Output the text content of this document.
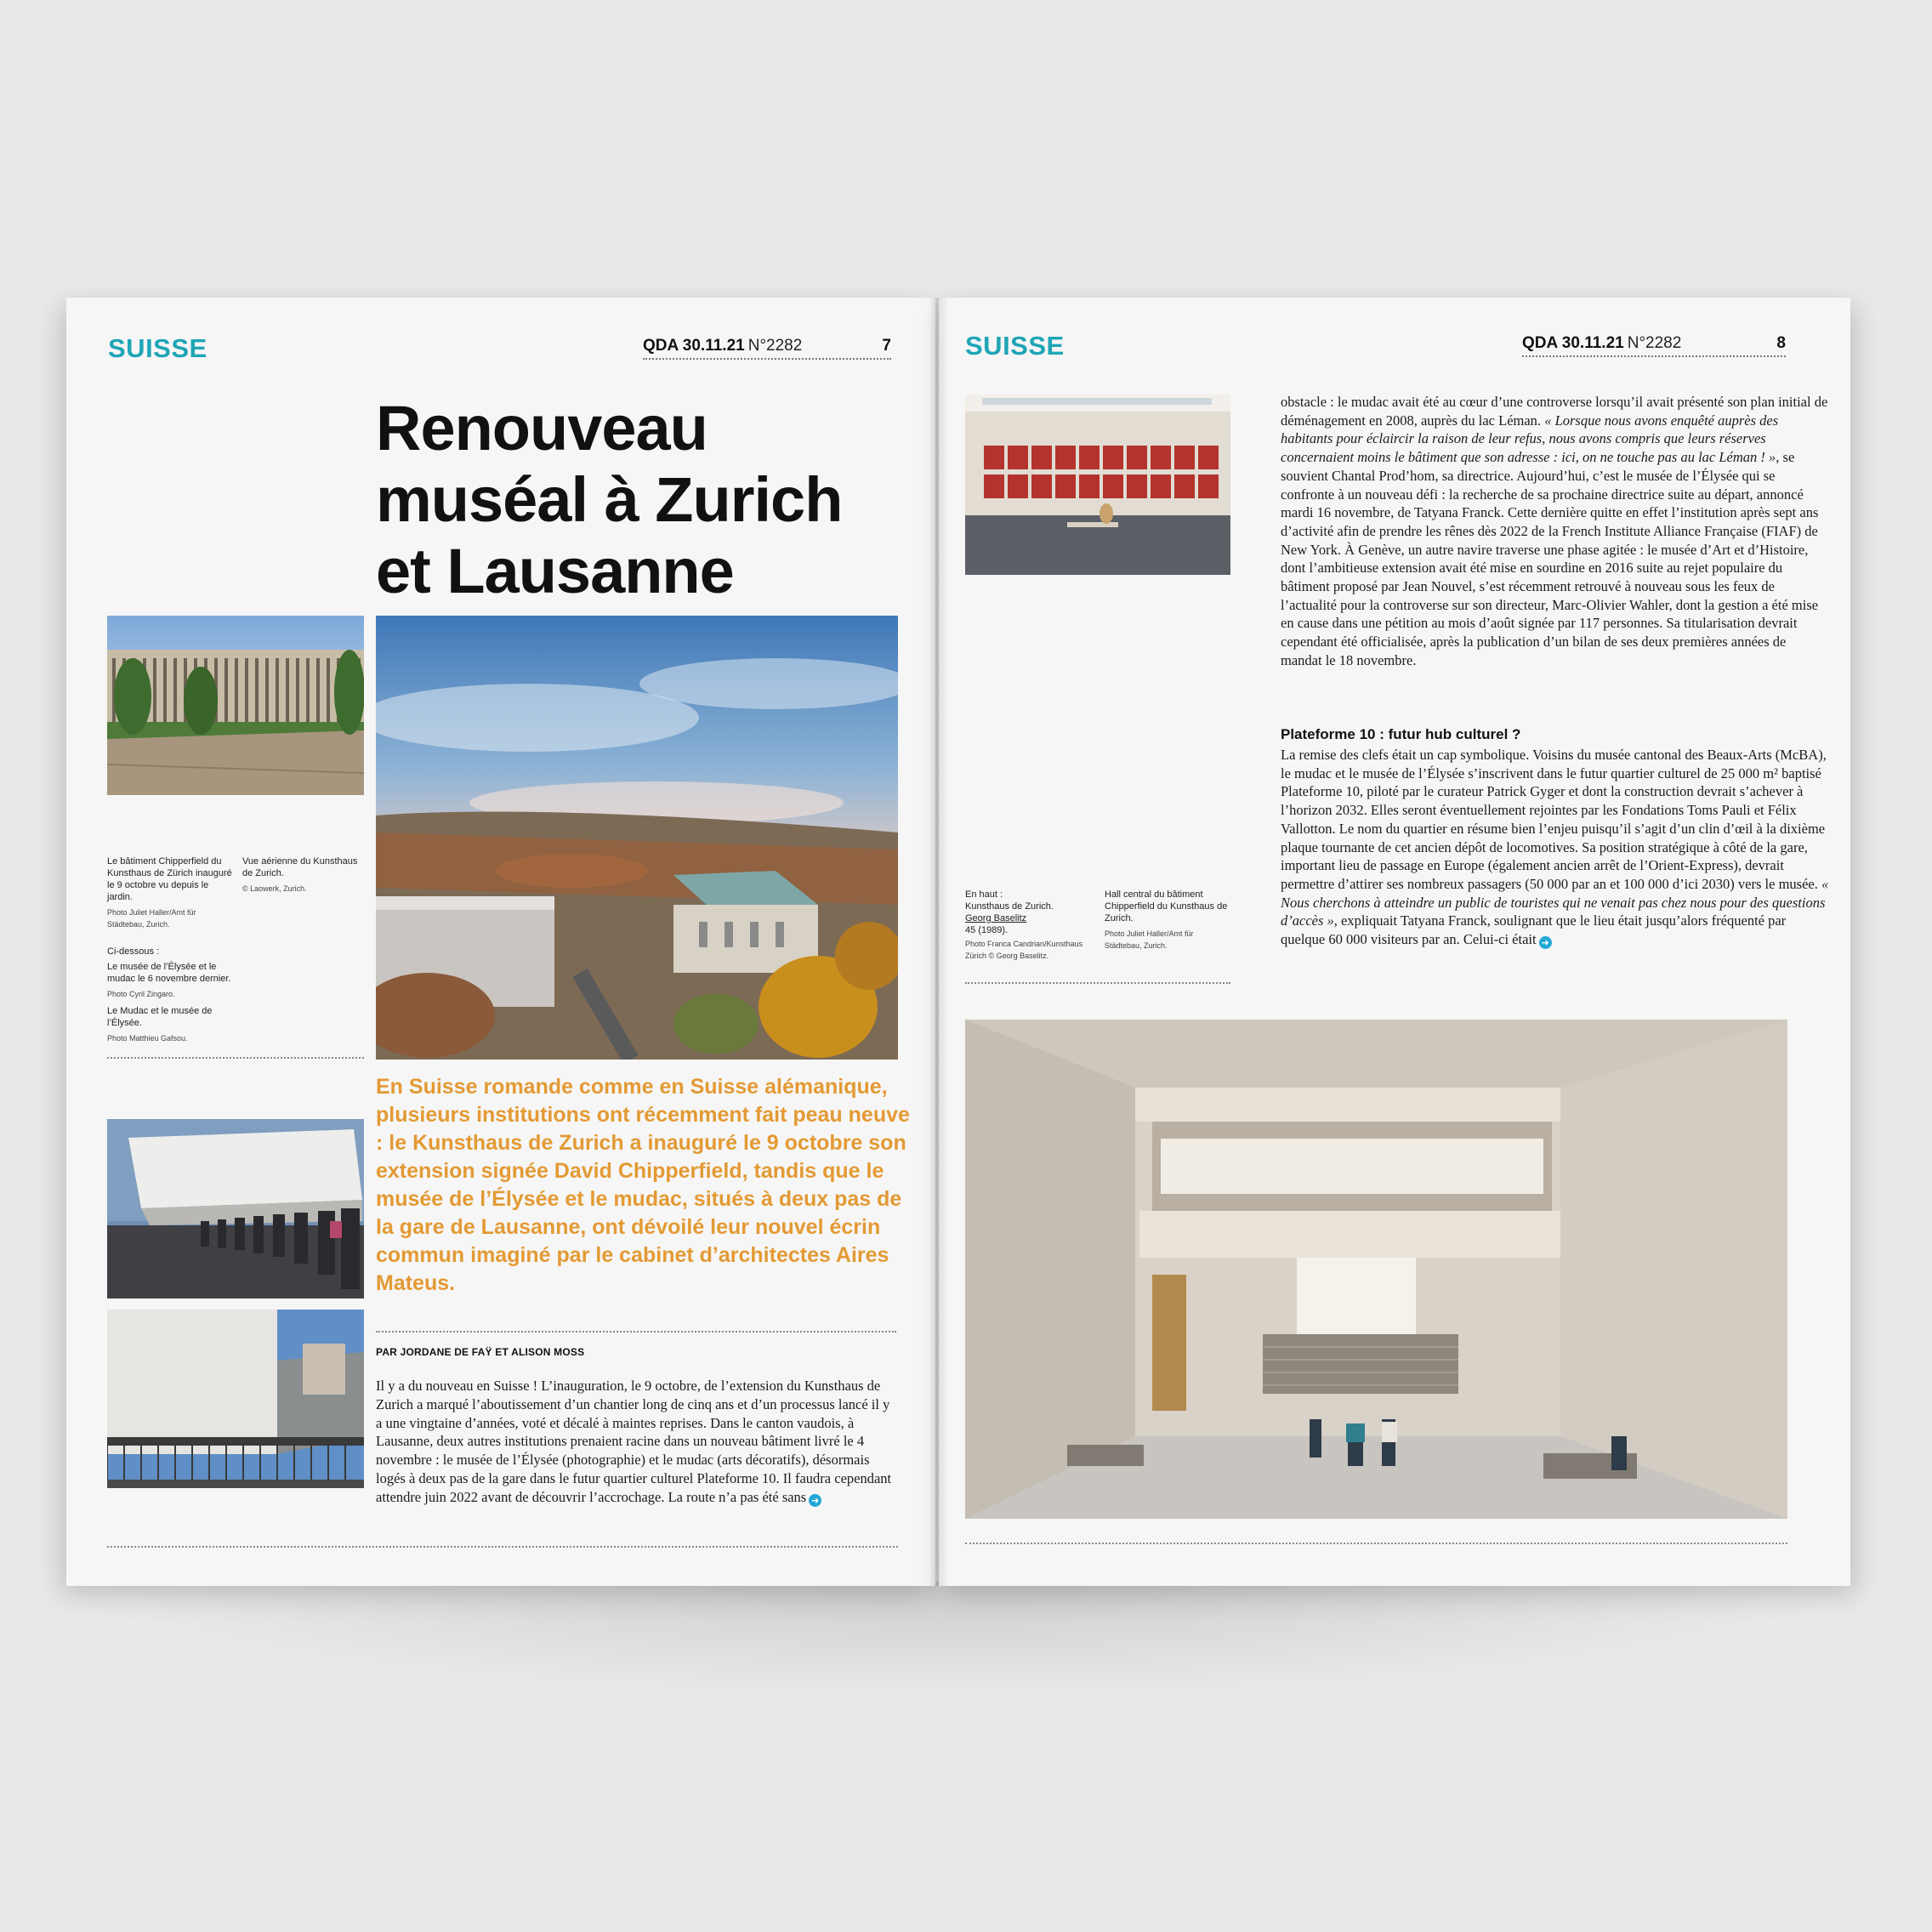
SUISSE	QDA 30.11.21 N°2282	7
Renouveau
muséal à Zurich
et Lausanne

Le bâtiment Chipperfield du Kunsthaus de Zürich inauguré le 9 octobre vu depuis le jardin.

Photo Juliet Haller/Amt für Städtebau, Zurich.

Vue aérienne du Kunsthaus de Zurich.

© Laowerk, Zurich.

Ci-dessous :

Le musée de l’Élysée et le mudac le 6 novembre dernier.

Photo Cyril Zingaro.

Le Mudac et le musée de l’Élysée.

Photo Matthieu Gafsou.

En Suisse romande comme en Suisse alémanique, plusieurs institutions ont récemment fait peau neuve : le Kunsthaus de Zurich a inauguré le 9 octobre son extension signée David Chipperfield, tandis que le musée de l’Élysée et le mudac, situés à deux pas de la gare de Lausanne, ont dévoilé leur nouvel écrin commun imaginé par le cabinet d’architectes Aires Mateus.

PAR JORDANE DE FAŸ ET ALISON MOSS

Il y a du nouveau en Suisse ! L’inauguration, le 9 octobre, de l’extension du Kunsthaus de Zurich a marqué l’aboutissement d’un chantier long de cinq ans et d’un processus lancé il y a une vingtaine d’années, voté et décalé à maintes reprises. Dans le canton vaudois, à Lausanne, deux autres institutions prenaient racine dans un nouveau bâtiment livré le 4 novembre : le musée de l’Élysée (photographie) et le mudac (arts décoratifs), désormais logés à deux pas de la gare dans le futur quartier culturel Plateforme 10. Il faudra cependant attendre juin 2022 avant de découvrir l’accrochage. La route n’a pas été sans ➜

SUISSE	QDA 30.11.21 N°2282	8

En haut :

Kunsthaus de Zurich.

Georg Baselitz

45 (1989).

Photo Franca Candrian/Kunsthaus Zürich © Georg Baselitz.

Hall central du bâtiment Chipperfield du Kunsthaus de Zurich.

Photo Juliet Haller/Amt für Städtebau, Zurich.

obstacle : le mudac avait été au cœur d’une controverse lorsqu’il avait présenté son plan initial de déménagement en 2008, auprès du lac Léman. « Lorsque nous avons enquêté auprès des habitants pour éclaircir la raison de leur refus, nous avons compris que leurs réserves concernaient moins le bâtiment que son adresse : ici, on ne touche pas au lac Léman ! », se souvient Chantal Prod’hom, sa directrice. Aujourd’hui, c’est le musée de l’Élysée qui se confronte à un nouveau défi : la recherche de sa prochaine directrice suite au départ, annoncé mardi 16 novembre, de Tatyana Franck. Cette dernière quitte en effet l’institution après sept ans d’activité afin de prendre les rênes dès 2022 de la French Institute Alliance Française (FIAF) de New York. À Genève, un autre navire traverse une phase agitée : le musée d’Art et d’Histoire, dont l’ambitieuse extension avait été mise en sourdine en 2016 suite au rejet populaire du bâtiment proposé par Jean Nouvel, s’est récemment retrouvé à nouveau sous les feux de l’actualité pour la controverse sur son directeur, Marc-Olivier Wahler, dont la gestion a été mise en cause dans une pétition au mois d’août signée par 117 personnes. Sa titularisation devrait cependant été officialisée, après la publication d’un bilan de ses deux premières années de mandat le 18 novembre.

Plateforme 10 : futur hub culturel ?

La remise des clefs était un cap symbolique. Voisins du musée cantonal des Beaux-Arts (McBA), le mudac et le musée de l’Élysée s’inscrivent dans le futur quartier culturel de 25 000 m² baptisé Plateforme 10, piloté par le curateur Patrick Gyger et dont la construction devrait s’achever à l’horizon 2032. Elles seront éventuellement rejointes par les Fondations Toms Pauli et Félix Vallotton. Le nom du quartier en résume bien l’enjeu puisqu’il s’agit d’un clin d’œil à la dixième plaque tournante de cet ancien dépôt de locomotives. Sa position stratégique à côté de la gare, important lieu de passage en Europe (également ancien arrêt de l’Orient-Express), devrait permettre d’attirer ses nombreux passagers (50 000 par an et 100 000 d’ici 2030) vers le musée. « Nous cherchons à atteindre un public de touristes qui ne venait pas chez nous pour des questions d’accès », expliquait Tatyana Franck, soulignant que le lieu était jusqu’alors fréquenté par quelque 60 000 visiteurs par an. Celui-ci était ➜
